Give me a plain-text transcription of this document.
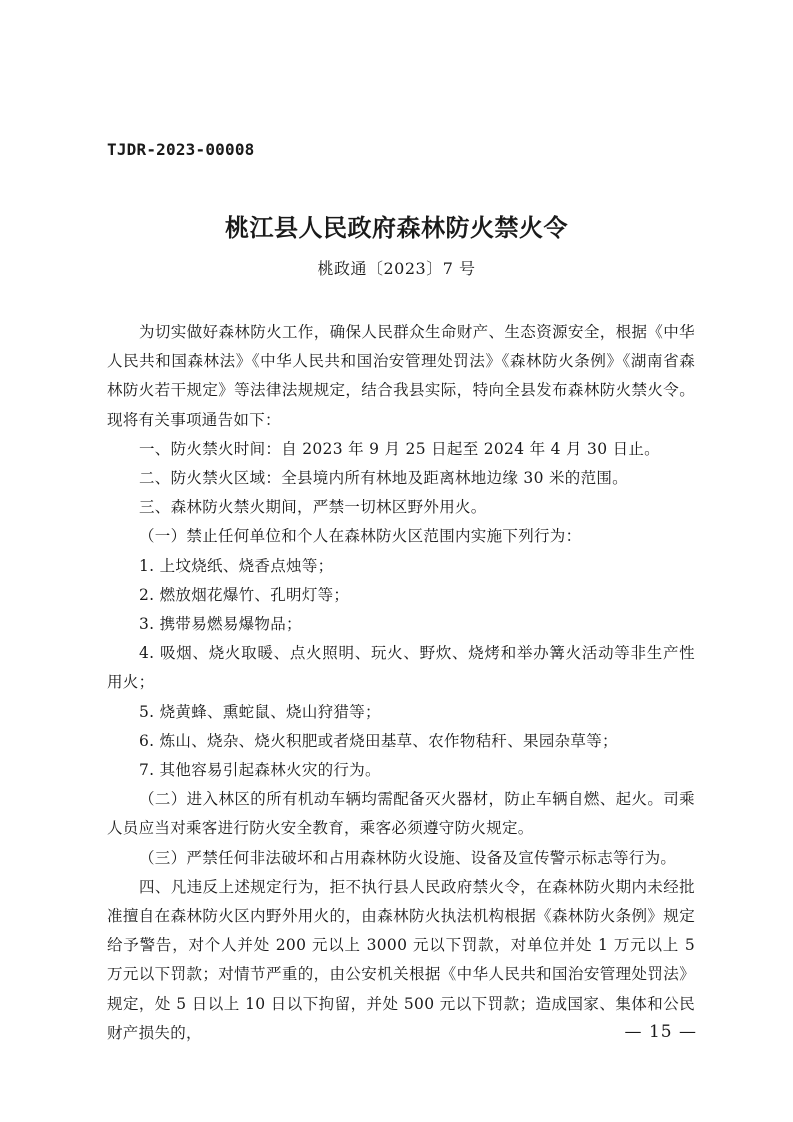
TJDR-2023-00008
桃江县人民政府森林防火禁火令
桃政通〔2023〕7 号

为切实做好森林防火工作，确保人民群众生命财产、生态资源安全，根据《中华人民共和国森林法》《中华人民共和国治安管理处罚法》《森林防火条例》《湖南省森林防火若干规定》等法律法规规定，结合我县实际，特向全县发布森林防火禁火令。现将有关事项通告如下：

一、防火禁火时间：自 2023 年 9 月 25 日起至 2024 年 4 月 30 日止。

二、防火禁火区域：全县境内所有林地及距离林地边缘 30 米的范围。

三、森林防火禁火期间，严禁一切林区野外用火。

（一）禁止任何单位和个人在森林防火区范围内实施下列行为：

1. 上坟烧纸、烧香点烛等；

2. 燃放烟花爆竹、孔明灯等；

3. 携带易燃易爆物品；

4. 吸烟、烧火取暖、点火照明、玩火、野炊、烧烤和举办篝火活动等非生产性用火；

5. 烧黄蜂、熏蛇鼠、烧山狩猎等；

6. 炼山、烧杂、烧火积肥或者烧田基草、农作物秸秆、果园杂草等；

7. 其他容易引起森林火灾的行为。

（二）进入林区的所有机动车辆均需配备灭火器材，防止车辆自燃、起火。司乘人员应当对乘客进行防火安全教育，乘客必须遵守防火规定。

（三）严禁任何非法破坏和占用森林防火设施、设备及宣传警示标志等行为。

四、凡违反上述规定行为，拒不执行县人民政府禁火令，在森林防火期内未经批准擅自在森林防火区内野外用火的，由森林防火执法机构根据《森林防火条例》规定给予警告，对个人并处 200 元以上 3000 元以下罚款，对单位并处 1 万元以上 5 万元以下罚款；对情节严重的，由公安机关根据《中华人民共和国治安管理处罚法》规定，处 5 日以上 10 日以下拘留，并处 500 元以下罚款；造成国家、集体和公民财产损失的，	— 15 —
